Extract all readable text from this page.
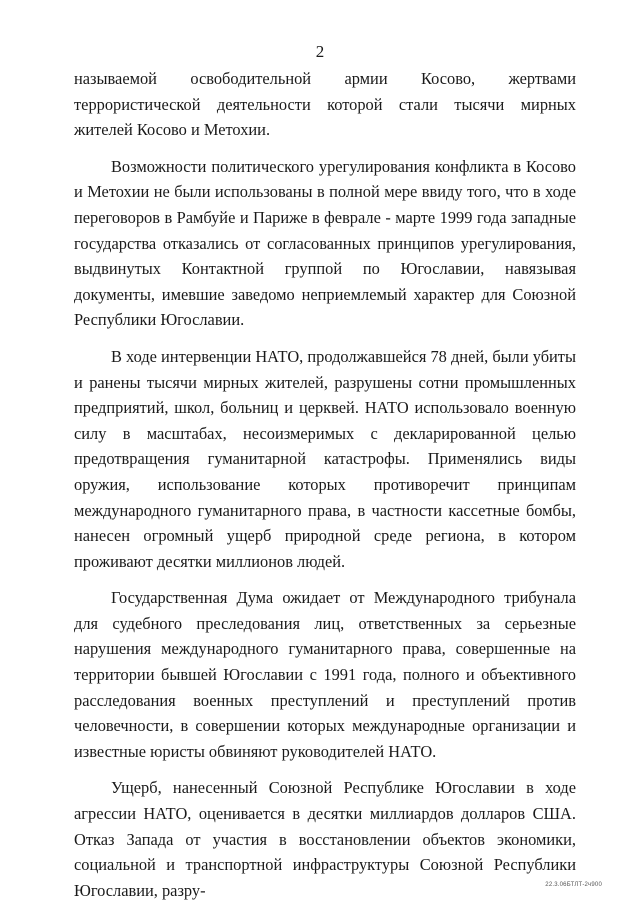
2

называемой освободительной армии Косово, жертвами террористической деятельности которой стали тысячи мирных жителей Косово и Метохии.

Возможности политического урегулирования конфликта в Косово и Метохии не были использованы в полной мере ввиду того, что в ходе переговоров в Рамбуйе и Париже в феврале - марте 1999 года западные государства отказались от согласованных принципов урегулирования, выдвинутых Контактной группой по Югославии, навязывая документы, имевшие заведомо неприемлемый характер для Союзной Республики Югославии.

В ходе интервенции НАТО, продолжавшейся 78 дней, были убиты и ранены тысячи мирных жителей, разрушены сотни промышленных предприятий, школ, больниц и церквей. НАТО использовало военную силу в масштабах, несоизмеримых с декларированной целью предотвращения гуманитарной катастрофы. Применялись виды оружия, использование которых противоречит принципам международного гуманитарного права, в частности кассетные бомбы, нанесен огромный ущерб природной среде региона, в котором проживают десятки миллионов людей.

Государственная Дума ожидает от Международного трибунала для судебного преследования лиц, ответственных за серьезные нарушения международного гуманитарного права, совершенные на территории бывшей Югославии с 1991 года, полного и объективного расследования военных преступлений и преступлений против человечности, в совершении которых международные организации и известные юристы обвиняют руководителей НАТО.

Ущерб, нанесенный Союзной Республике Югославии в ходе агрессии НАТО, оценивается в десятки миллиардов долларов США. Отказ Запада от участия в восстановлении объектов экономики, социальной и транспортной инфраструктуры Союзной Республики Югославии, разру-	22.3.06БТЛТ-2ч900
